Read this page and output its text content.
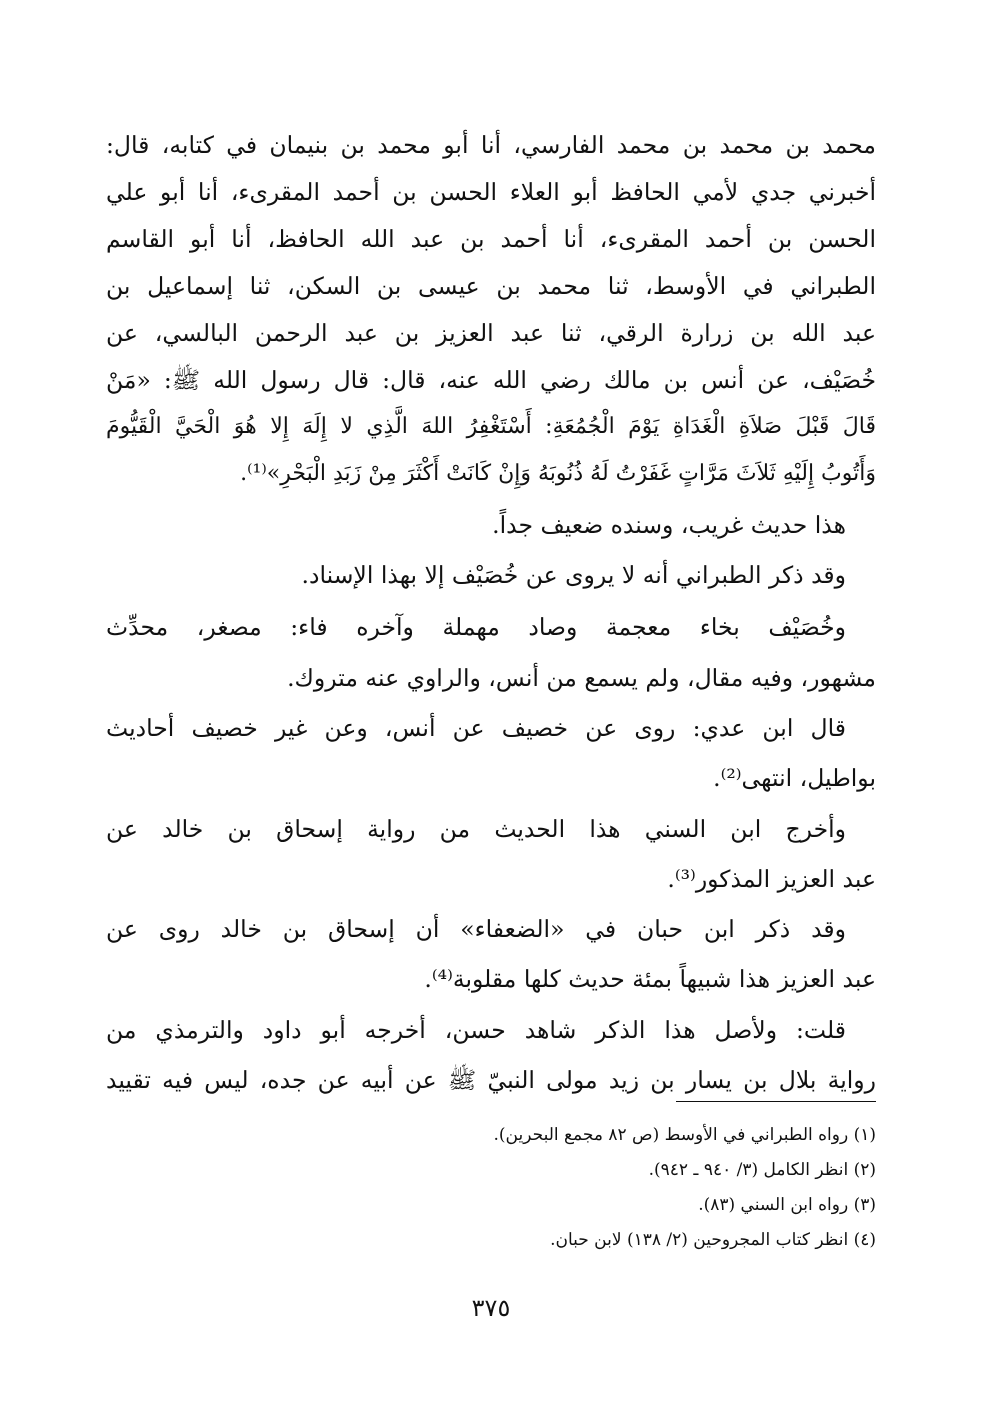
محمد بن محمد بن محمد الفارسي، أنا أبو محمد بن بنيمان في كتابه، قال:
أخبرني جدي لأمي الحافظ أبو العلاء الحسن بن أحمد المقرىء، أنا أبو علي
الحسن بن أحمد المقرىء، أنا أحمد بن عبد الله الحافظ، أنا أبو القاسم
الطبراني في الأوسط، ثنا محمد بن عيسى بن السكن، ثنا إسماعيل بن
عبد الله بن زرارة الرقي، ثنا عبد العزيز بن عبد الرحمن البالسي، عن
خُصَيْف، عن أنس بن مالك رضي الله عنه، قال: قال رسول الله ﷺ: «مَنْ
قَالَ قَبْلَ صَلاَةِ الْغَدَاةِ يَوْمَ الْجُمُعَةِ: أَسْتَغْفِرُ اللهَ الَّذِي لا إِلَهَ إِلا هُوَ الْحَيَّ الْقَيُّومَ
وَأَتُوبُ إِلَيْهِ ثَلاَثَ مَرَّاتٍ غَفَرْتُ لَهُ ذُنُوبَهُ وَإِنْ كَانَتْ أَكْثَرَ مِنْ زَبَدِ الْبَحْرِ»⁽¹⁾.
هذا حديث غريب، وسنده ضعيف جداً.
وقد ذكر الطبراني أنه لا يروى عن خُصَيْف إلا بهذا الإسناد.
وخُصَيْف بخاء معجمة وصاد مهملة وآخره فاء: مصغر، محدِّث
مشهور، وفيه مقال، ولم يسمع من أنس، والراوي عنه متروك.
قال ابن عدي: روى عن خصيف عن أنس، وعن غير خصيف أحاديث
بواطيل، انتهى⁽²⁾.
وأخرج ابن السني هذا الحديث من رواية إسحاق بن خالد عن
عبد العزيز المذكور⁽³⁾.
وقد ذكر ابن حبان في «الضعفاء» أن إسحاق بن خالد روى عن
عبد العزيز هذا شبيهاً بمئة حديث كلها مقلوبة⁽⁴⁾.
قلت: ولأصل هذا الذكر شاهد حسن، أخرجه أبو داود والترمذي من
رواية بلال بن يسار بن زيد مولى النبيّ ﷺ عن أبيه عن جده، ليس فيه تقييد
(١) رواه الطبراني في الأوسط (ص ٨٢ مجمع البحرين).
(٢) انظر الكامل (٣/ ٩٤٠ ـ ٩٤٢).
(٣) رواه ابن السني (٨٣).
(٤) انظر كتاب المجروحين (٢/ ١٣٨) لابن حبان.
٣٧٥
